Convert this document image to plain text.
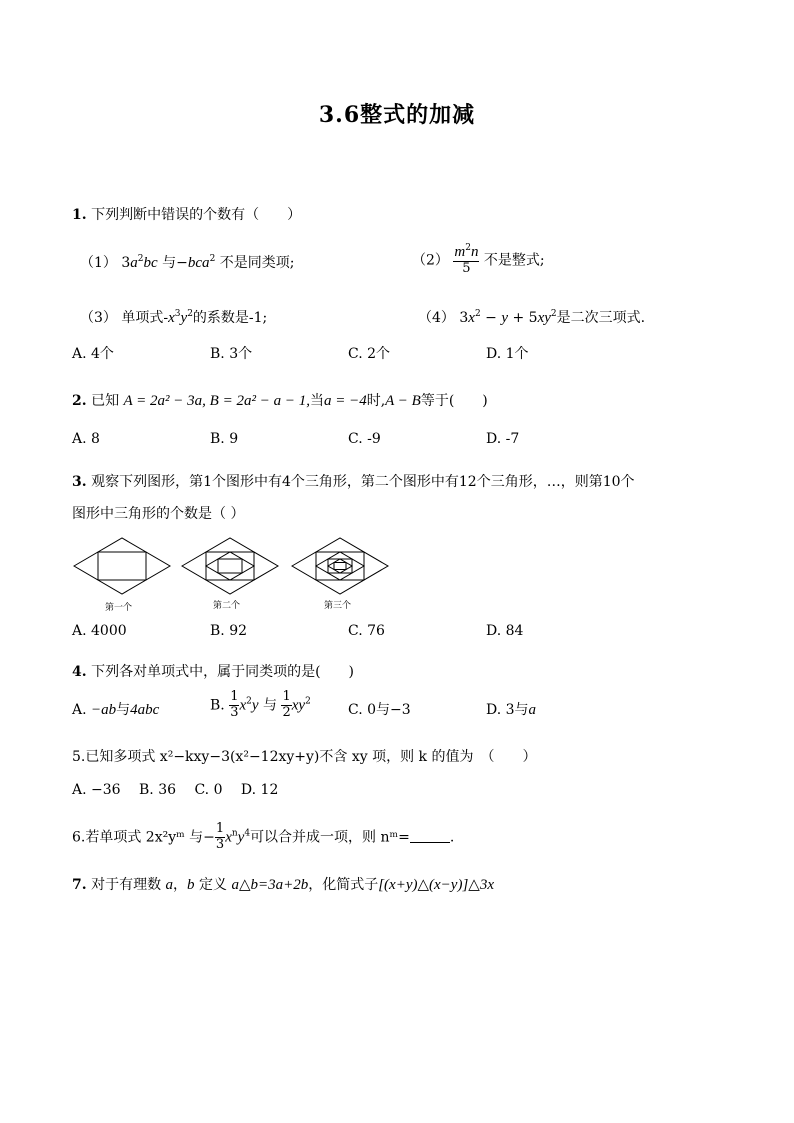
3.6整式的加减
1. 下列判断中错误的个数有（　　）
（1） $3a^2bc$ 与−bca$^2$ 不是同类项;	$(2) \frac{m^2n}{5}$ 不是整式;
（3） 单项式$-x^3y^2$的系数是-1;	（4） $3x^2 - y + 5xy^2$是二次三项式.
A. 4个	B. 3个	C. 2个	D. 1个
2. 已知 A = 2a² − 3a, B = 2a² − a − 1,当a = −4时,A − B等于(　　)
A. 8	B. 9	C. -9	D. -7
3. 观察下列图形，第1个图形中有4个三角形，第二个图形中有12个三角形，…，则第10个
图形中三角形的个数是（ ）
第一个	第二个	第三个
A. 4000	B. 92	C. 76	D. 84
4. 下列各对单项式中，属于同类项的是(　　)
A. −ab与4abc	B. $\frac{1}{3} x^2y$ 与 $\frac{1}{2} xy^2$
C. 0与−3	D. 3与a
5.已知多项式 x²−kxy−3(x²−12xy+y)不含 xy 项，则 k 的值为　（　　）
A. −36　 B. 36　 C. 0　 D. 12
6.若单项式 2x²yᵐ 与− $\frac{1}{3} x^ny^4$可以合并成一项，则 nᵐ=	.
7. 对于有理数 a，b 定义 a△b=3a+2b，化简式子[(x+y)△(x−y)]△3x
